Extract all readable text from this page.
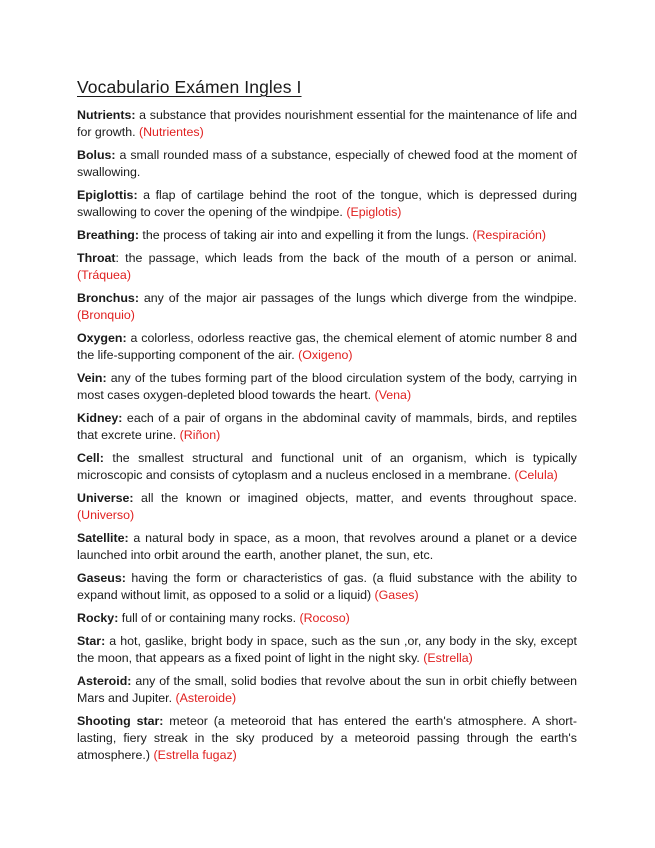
Vocabulario Exámen Ingles I

Nutrients: a substance that provides nourishment essential for the maintenance of life and for growth. (Nutrientes)

Bolus: a small rounded mass of a substance, especially of chewed food at the moment of swallowing.

Epiglottis: a flap of cartilage behind the root of the tongue, which is depressed during swallowing to cover the opening of the windpipe. (Epiglotis)

Breathing: the process of taking air into and expelling it from the lungs. (Respiración)

Throat: the passage, which leads from the back of the mouth of a person or animal. (Tráquea)

Bronchus: any of the major air passages of the lungs which diverge from the windpipe. (Bronquio)

Oxygen: a colorless, odorless reactive gas, the chemical element of atomic number 8 and the life-supporting component of the air. (Oxigeno)

Vein: any of the tubes forming part of the blood circulation system of the body, carrying in most cases oxygen-depleted blood towards the heart. (Vena)

Kidney: each of a pair of organs in the abdominal cavity of mammals, birds, and reptiles that excrete urine. (Riñon)

Cell: the smallest structural and functional unit of an organism, which is typically microscopic and consists of cytoplasm and a nucleus enclosed in a membrane. (Celula)

Universe: all the known or imagined objects, matter, and events throughout space. (Universo)

Satellite: a natural body in space, as a moon, that revolves around a planet or a device launched into orbit around the earth, another planet, the sun, etc.

Gaseus: having the form or characteristics of gas. (a fluid substance with the ability to expand without limit, as opposed to a solid or a liquid) (Gases)

Rocky: full of or containing many rocks. (Rocoso)

Star: a hot, gaslike, bright body in space, such as the sun ,or, any body in the sky, except the moon, that appears as a fixed point of light in the night sky. (Estrella)

Asteroid: any of the small, solid bodies that revolve about the sun in orbit chiefly between Mars and Jupiter. (Asteroide)

Shooting star: meteor (a meteoroid that has entered the earth's atmosphere. A short-lasting, fiery streak in the sky produced by a meteoroid passing through the earth's atmosphere.) (Estrella fugaz)
